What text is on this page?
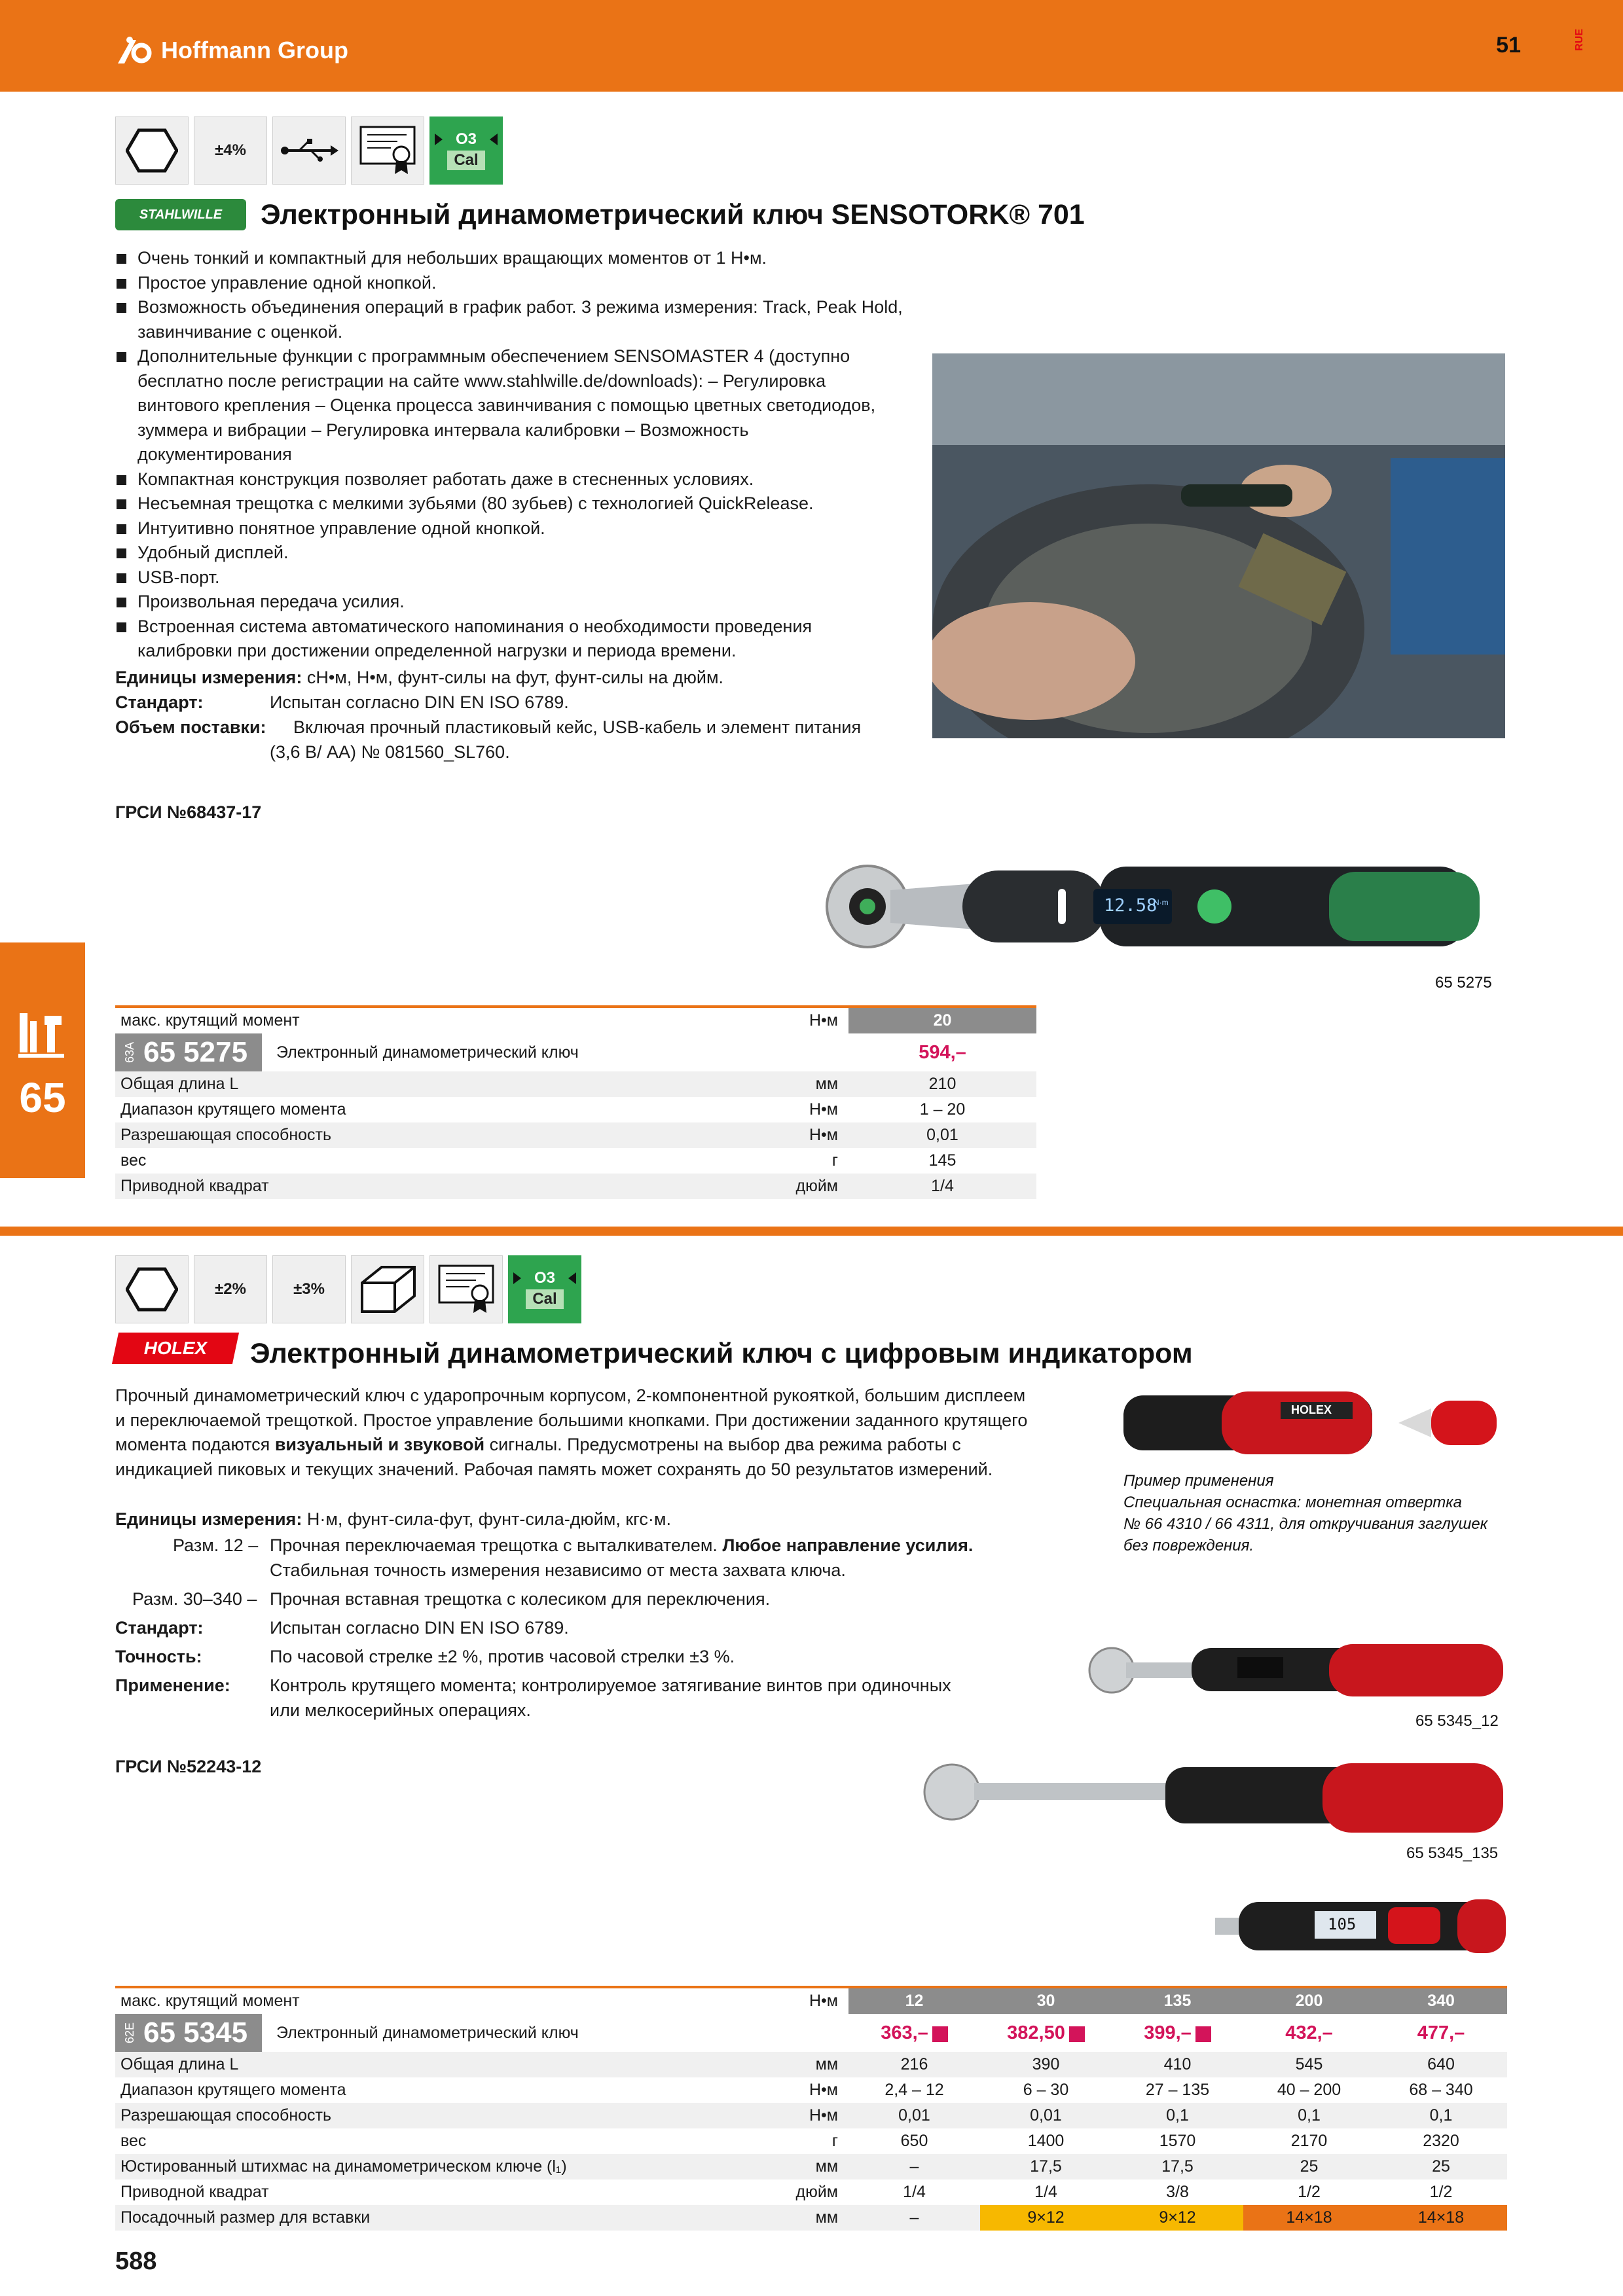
Hoffmann Group	51	RUE
65
±4%
O3
Cal
STAHLWILLE	Электронный динамометрический ключ SENSOTORK® 701
Очень тонкий и компактный для небольших вращающих моментов от 1 Н•м.
Простое управление одной кнопкой.
Возможность объединения операций в график работ. 3 режима измерения: Track, Peak Hold, завинчивание с оценкой.
Дополнительные функции с программным обеспечением SENSOMASTER 4 (доступно бесплатно после регистрации на сайте www.stahlwille.de/downloads): – Регулировка винтового крепления – Оценка процесса завинчивания с помощью цветных светодиодов, зуммера и вибрации – Регулировка интервала калибровки – Возможность документирования
Компактная конструкция позволяет работать даже в стесненных условиях.
Несъемная трещотка с мелкими зубьями (80 зубьев) с технологией QuickRelease.
Интуитивно понятное управление одной кнопкой.
Удобный дисплей.
USB-порт.
Произвольная передача усилия.
Встроенная система автоматического напоминания о необходимости проведения калибровки при достижении определенной нагрузки и периода времени.
Единицы измерения: сН•м, Н•м, фунт-силы на фут, фунт-силы на дюйм.
Стандарт:	Испытан согласно DIN EN ISO 6789.
Объем поставки: Включая прочный пластиковый кейс, USB-кабель и элемент питания
(3,6 В/ AA) № 081560_SL760.
ГРСИ №68437-17
12.58
N·m
65 5275
макс. крутящий момент	Н•м	20

63A 65 5275 Электронный динамометрический ключ		594,–
Общая длина L	мм	210
Диапазон крутящего момента	Н•м	1 – 20
Разрешающая способность	Н•м	0,01
вес	г	145
Приводной квадрат	дюйм	1/4
±2%	±3%
O3
Cal
HOLEX	Электронный динамометрический ключ с цифровым индикатором
Прочный динамометрический ключ с ударопрочным корпусом, 2-компонентной рукояткой, большим дисплеем и переключаемой трещоткой. Простое управление большими кнопками. При достижении заданного крутящего момента подаются визуальный и звуковой сигналы. Предусмотрены на выбор два режима работы с индикацией пиковых и текущих значений. Рабочая память может сохранять до 50 результатов измерений.
Единицы измерения: Н·м, фунт-сила-фут, фунт-сила-дюйм, кгс·м.
Разм. 12 – Прочная переключаемая трещотка с выталкивателем. Любое направление усилия.
Стабильная точность измерения независимо от места захвата ключа.
Разм. 30–340 – Прочная вставная трещотка с колесиком для переключения.
Стандарт:	Испытан согласно DIN EN ISO 6789.
Точность:	По часовой стрелке ±2 %, против часовой стрелки ±3 %.
Применение: Контроль крутящего момента; контролируемое затягивание винтов при одиночных
или мелкосерийных операциях.
ГРСИ №52243-12
HOLEX
Пример применения
Специальная оснастка: монетная отвертка
№ 66 4310 / 66 4311, для откручивания заглушек
без повреждения.
65 5345_12
65 5345_135
105
макс. крутящий момент	Н•м	12	30	135	200	340

62E 65 5345 Электронный динамометрический ключ		363,–	382,50	399,–	432,–	477,–
Общая длина L	мм	216	390	410	545	640
Диапазон крутящего момента	Н•м	2,4 – 12	6 – 30	27 – 135	40 – 200	68 – 340
Разрешающая способность	Н•м	0,01	0,01	0,1	0,1	0,1
вес	г	650	1400	1570	2170	2320
Юстированный штихмас на динамометрическом ключе (l₁)	мм	–	17,5	17,5	25	25
Приводной квадрат	дюйм	1/4	1/4	3/8	1/2	1/2
Посадочный размер для вставки	мм	–	9×12	9×12	14×18	14×18
588
